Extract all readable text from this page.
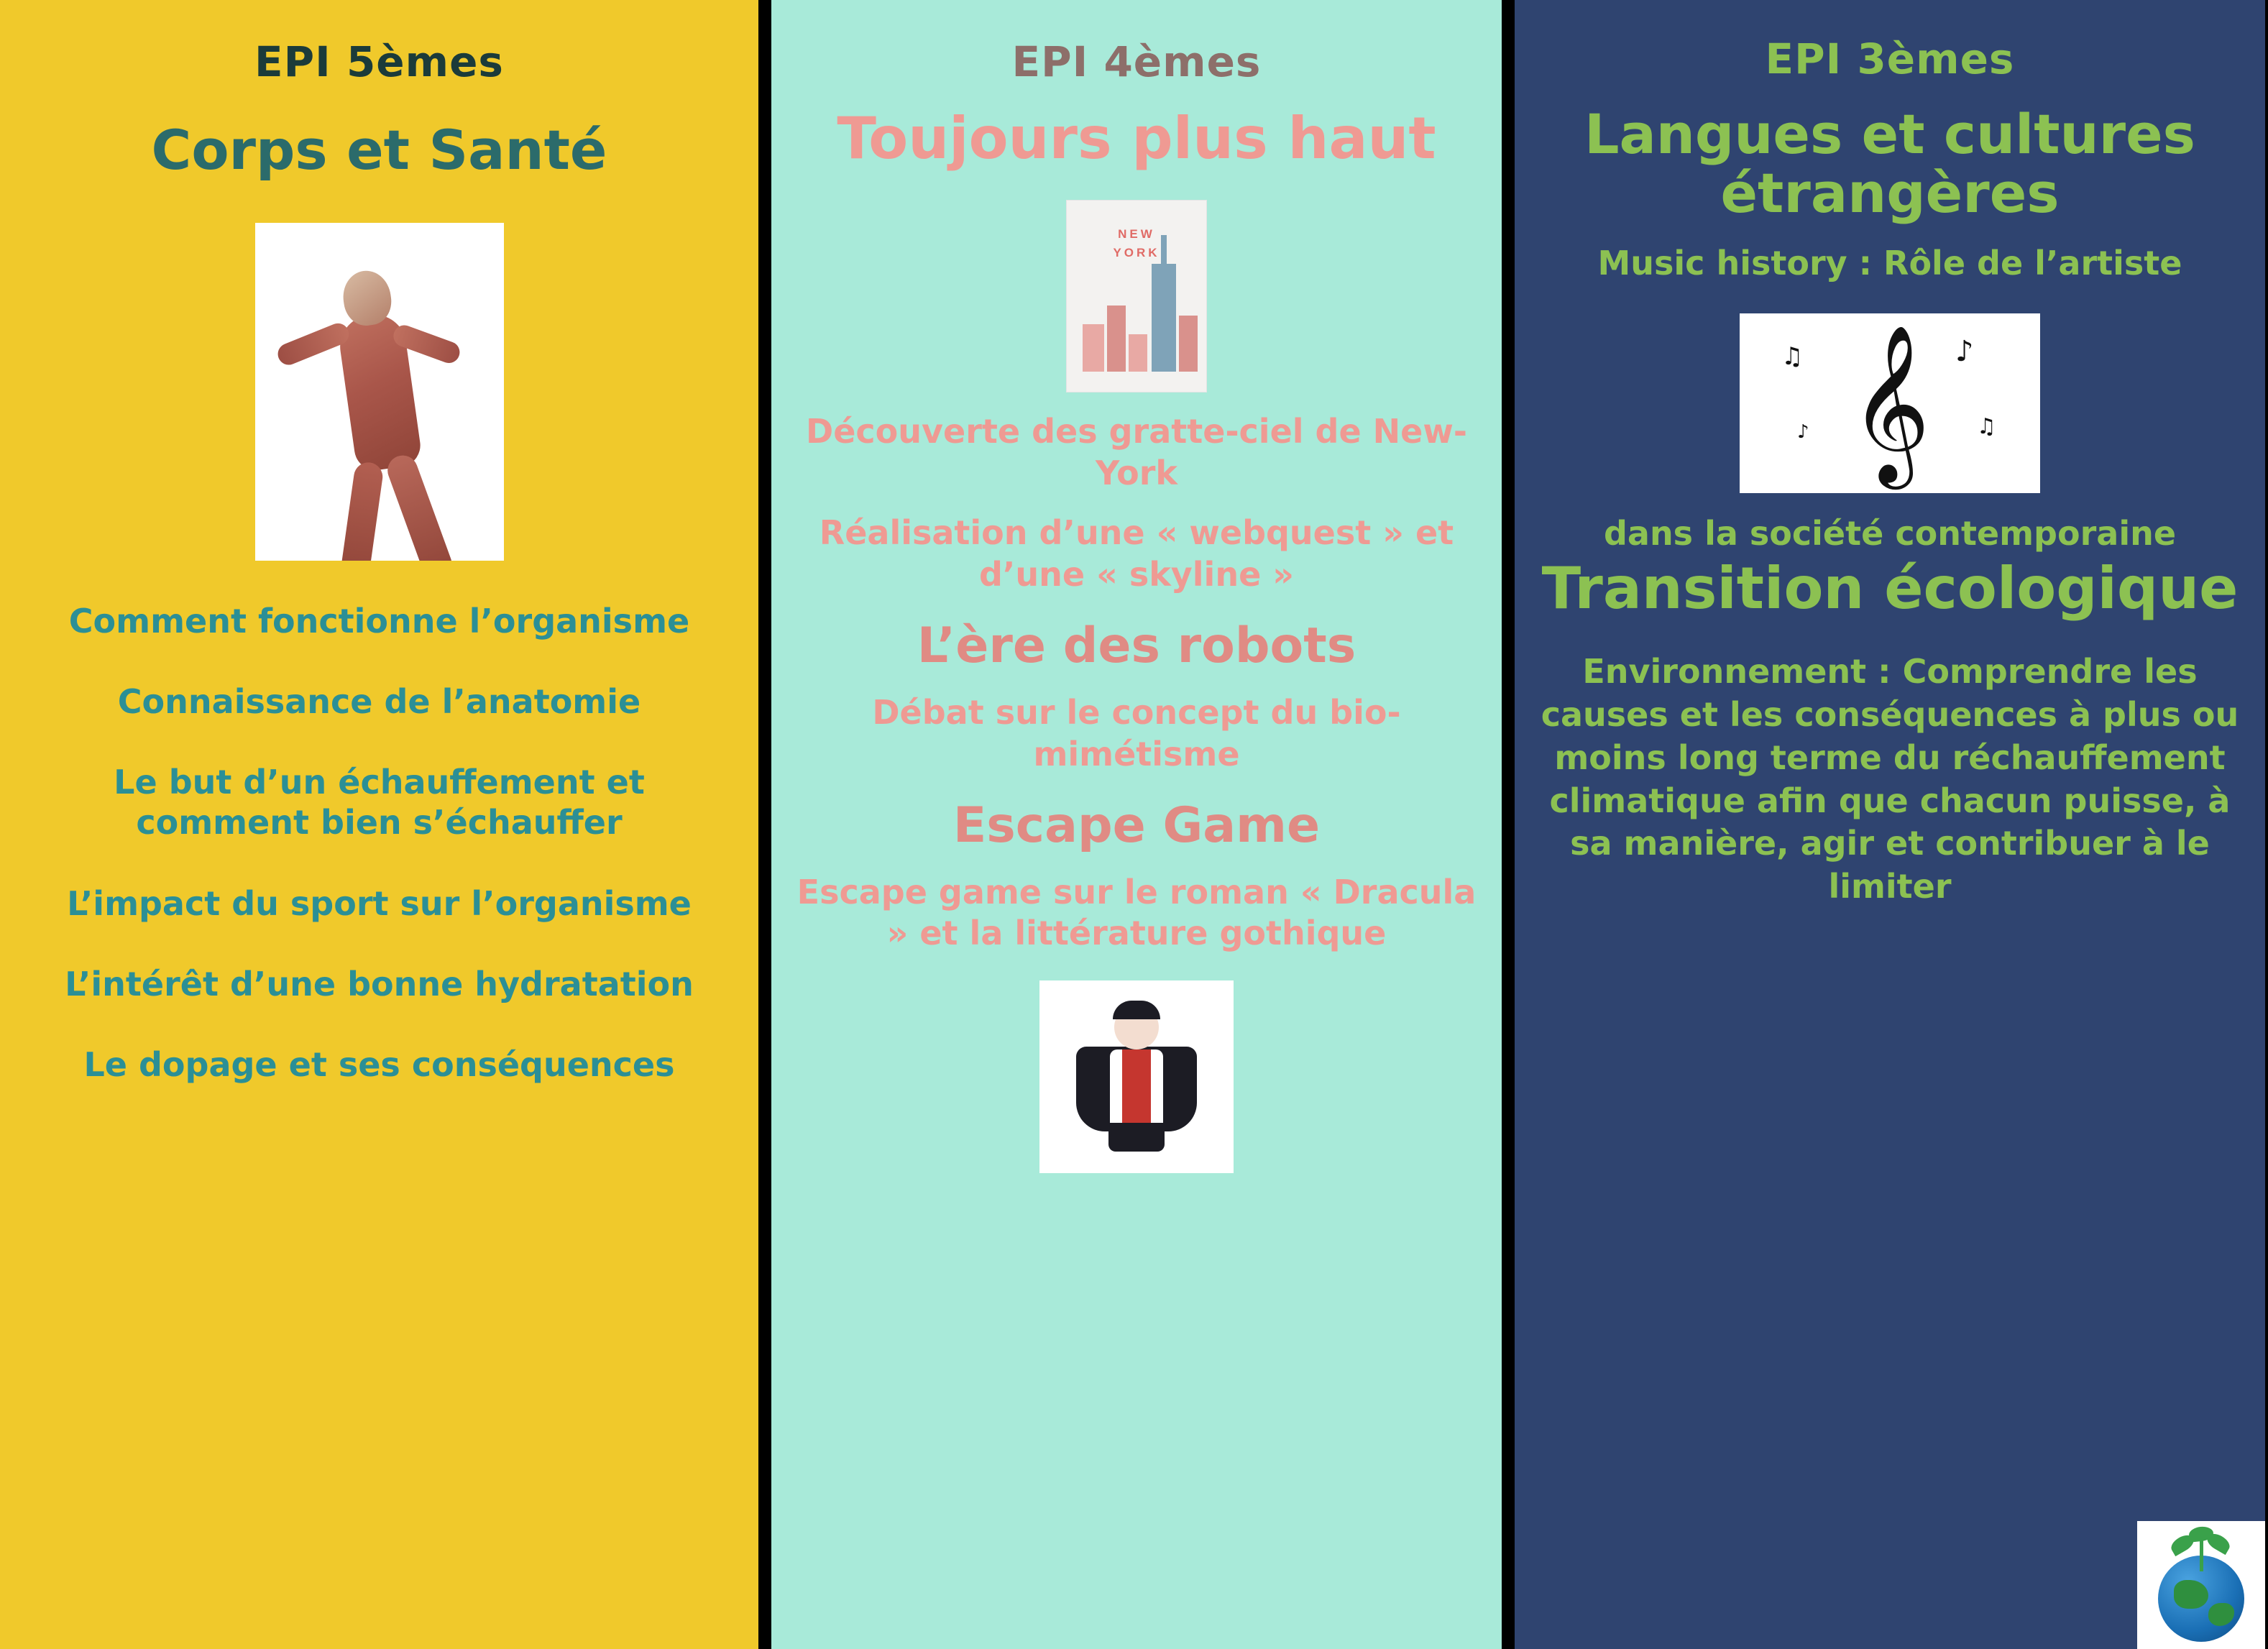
EPI 5èmes
Corps et Santé
Comment fonctionne l’organisme
Connaissance de l’anatomie
Le but d’un échauffement et comment bien s’échauffer
L’impact du sport sur l’organisme
L’intérêt d’une bonne hydratation
Le dopage et ses conséquences
EPI 4èmes
Toujours plus haut
NEW
YORK
Découverte des gratte-ciel de New-York
Réalisation d’une « webquest » et d’une « skyline »
L’ère des robots
Débat sur le concept du bio-mimétisme
Escape Game
Escape game sur le roman « Dracula » et la littérature gothique
EPI 3èmes
Langues et cultures étrangères
Music history : Rôle de l’artiste
𝄞
♫	♪
♫
♪
dans la société contemporaine
Transition écologique
Environnement : Comprendre les causes et les conséquences à plus ou moins long terme du réchauffement climatique afin que chacun puisse, à sa manière, agir et contribuer à le limiter
